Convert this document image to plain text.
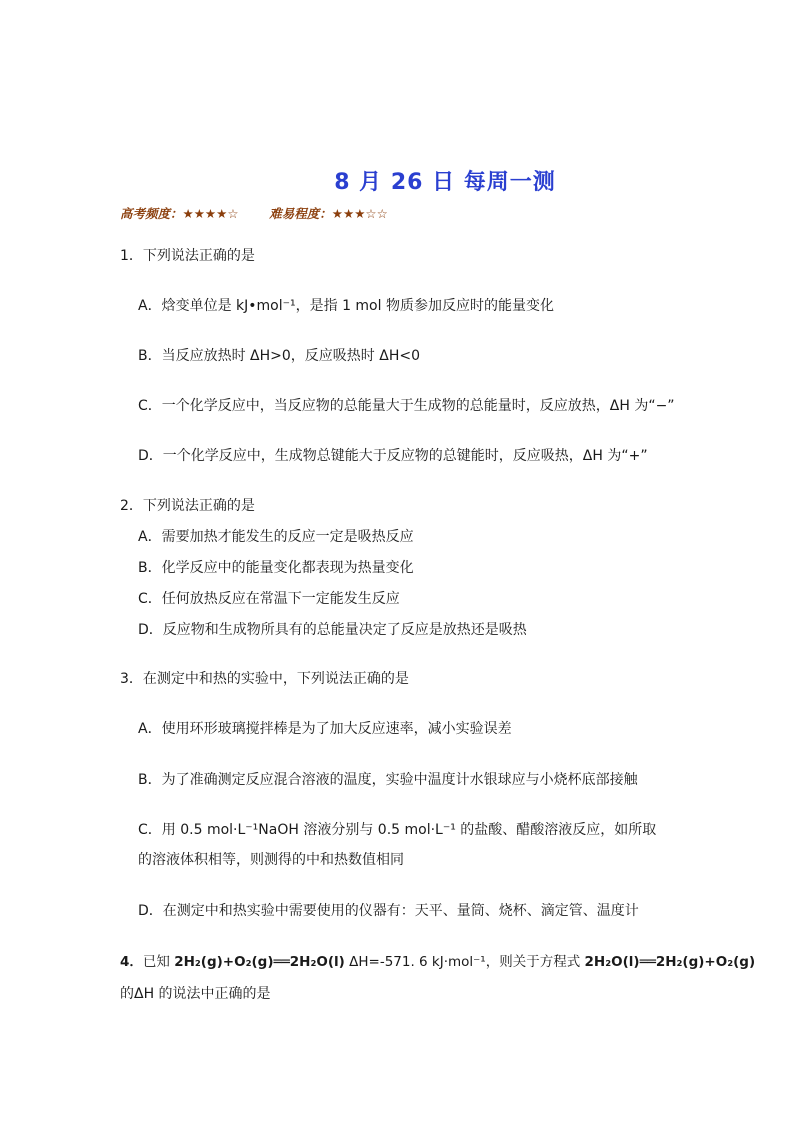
8 月 26 日 每周一测
高考频度：★★★★☆ 难易程度：★★★☆☆
1．下列说法正确的是
A．焓变单位是 kJ•mol⁻¹，是指 1 mol 物质参加反应时的能量变化
B．当反应放热时 ΔH>0，反应吸热时 ΔH<0
C．一个化学反应中，当反应物的总能量大于生成物的总能量时，反应放热，ΔH 为“−”
D．一个化学反应中，生成物总键能大于反应物的总键能时，反应吸热，ΔH 为“+”
2．下列说法正确的是
A．需要加热才能发生的反应一定是吸热反应
B．化学反应中的能量变化都表现为热量变化
C．任何放热反应在常温下一定能发生反应
D．反应物和生成物所具有的总能量决定了反应是放热还是吸热
3．在测定中和热的实验中，下列说法正确的是
A．使用环形玻璃搅拌棒是为了加大反应速率，减小实验误差
B．为了准确测定反应混合溶液的温度，实验中温度计水银球应与小烧杯底部接触
C．用 0.5 mol·L⁻¹NaOH 溶液分别与 0.5 mol·L⁻¹ 的盐酸、醋酸溶液反应，如所取的溶液体积相等，则测得的中和热数值相同
D．在测定中和热实验中需要使用的仪器有：天平、量筒、烧杯、滴定管、温度计
4．已知 2H₂(g)+O₂(g)══2H₂O(l) ΔH=-571. 6 kJ·mol⁻¹，则关于方程式 2H₂O(l)══2H₂(g)+O₂(g)
的ΔH 的说法中正确的是
